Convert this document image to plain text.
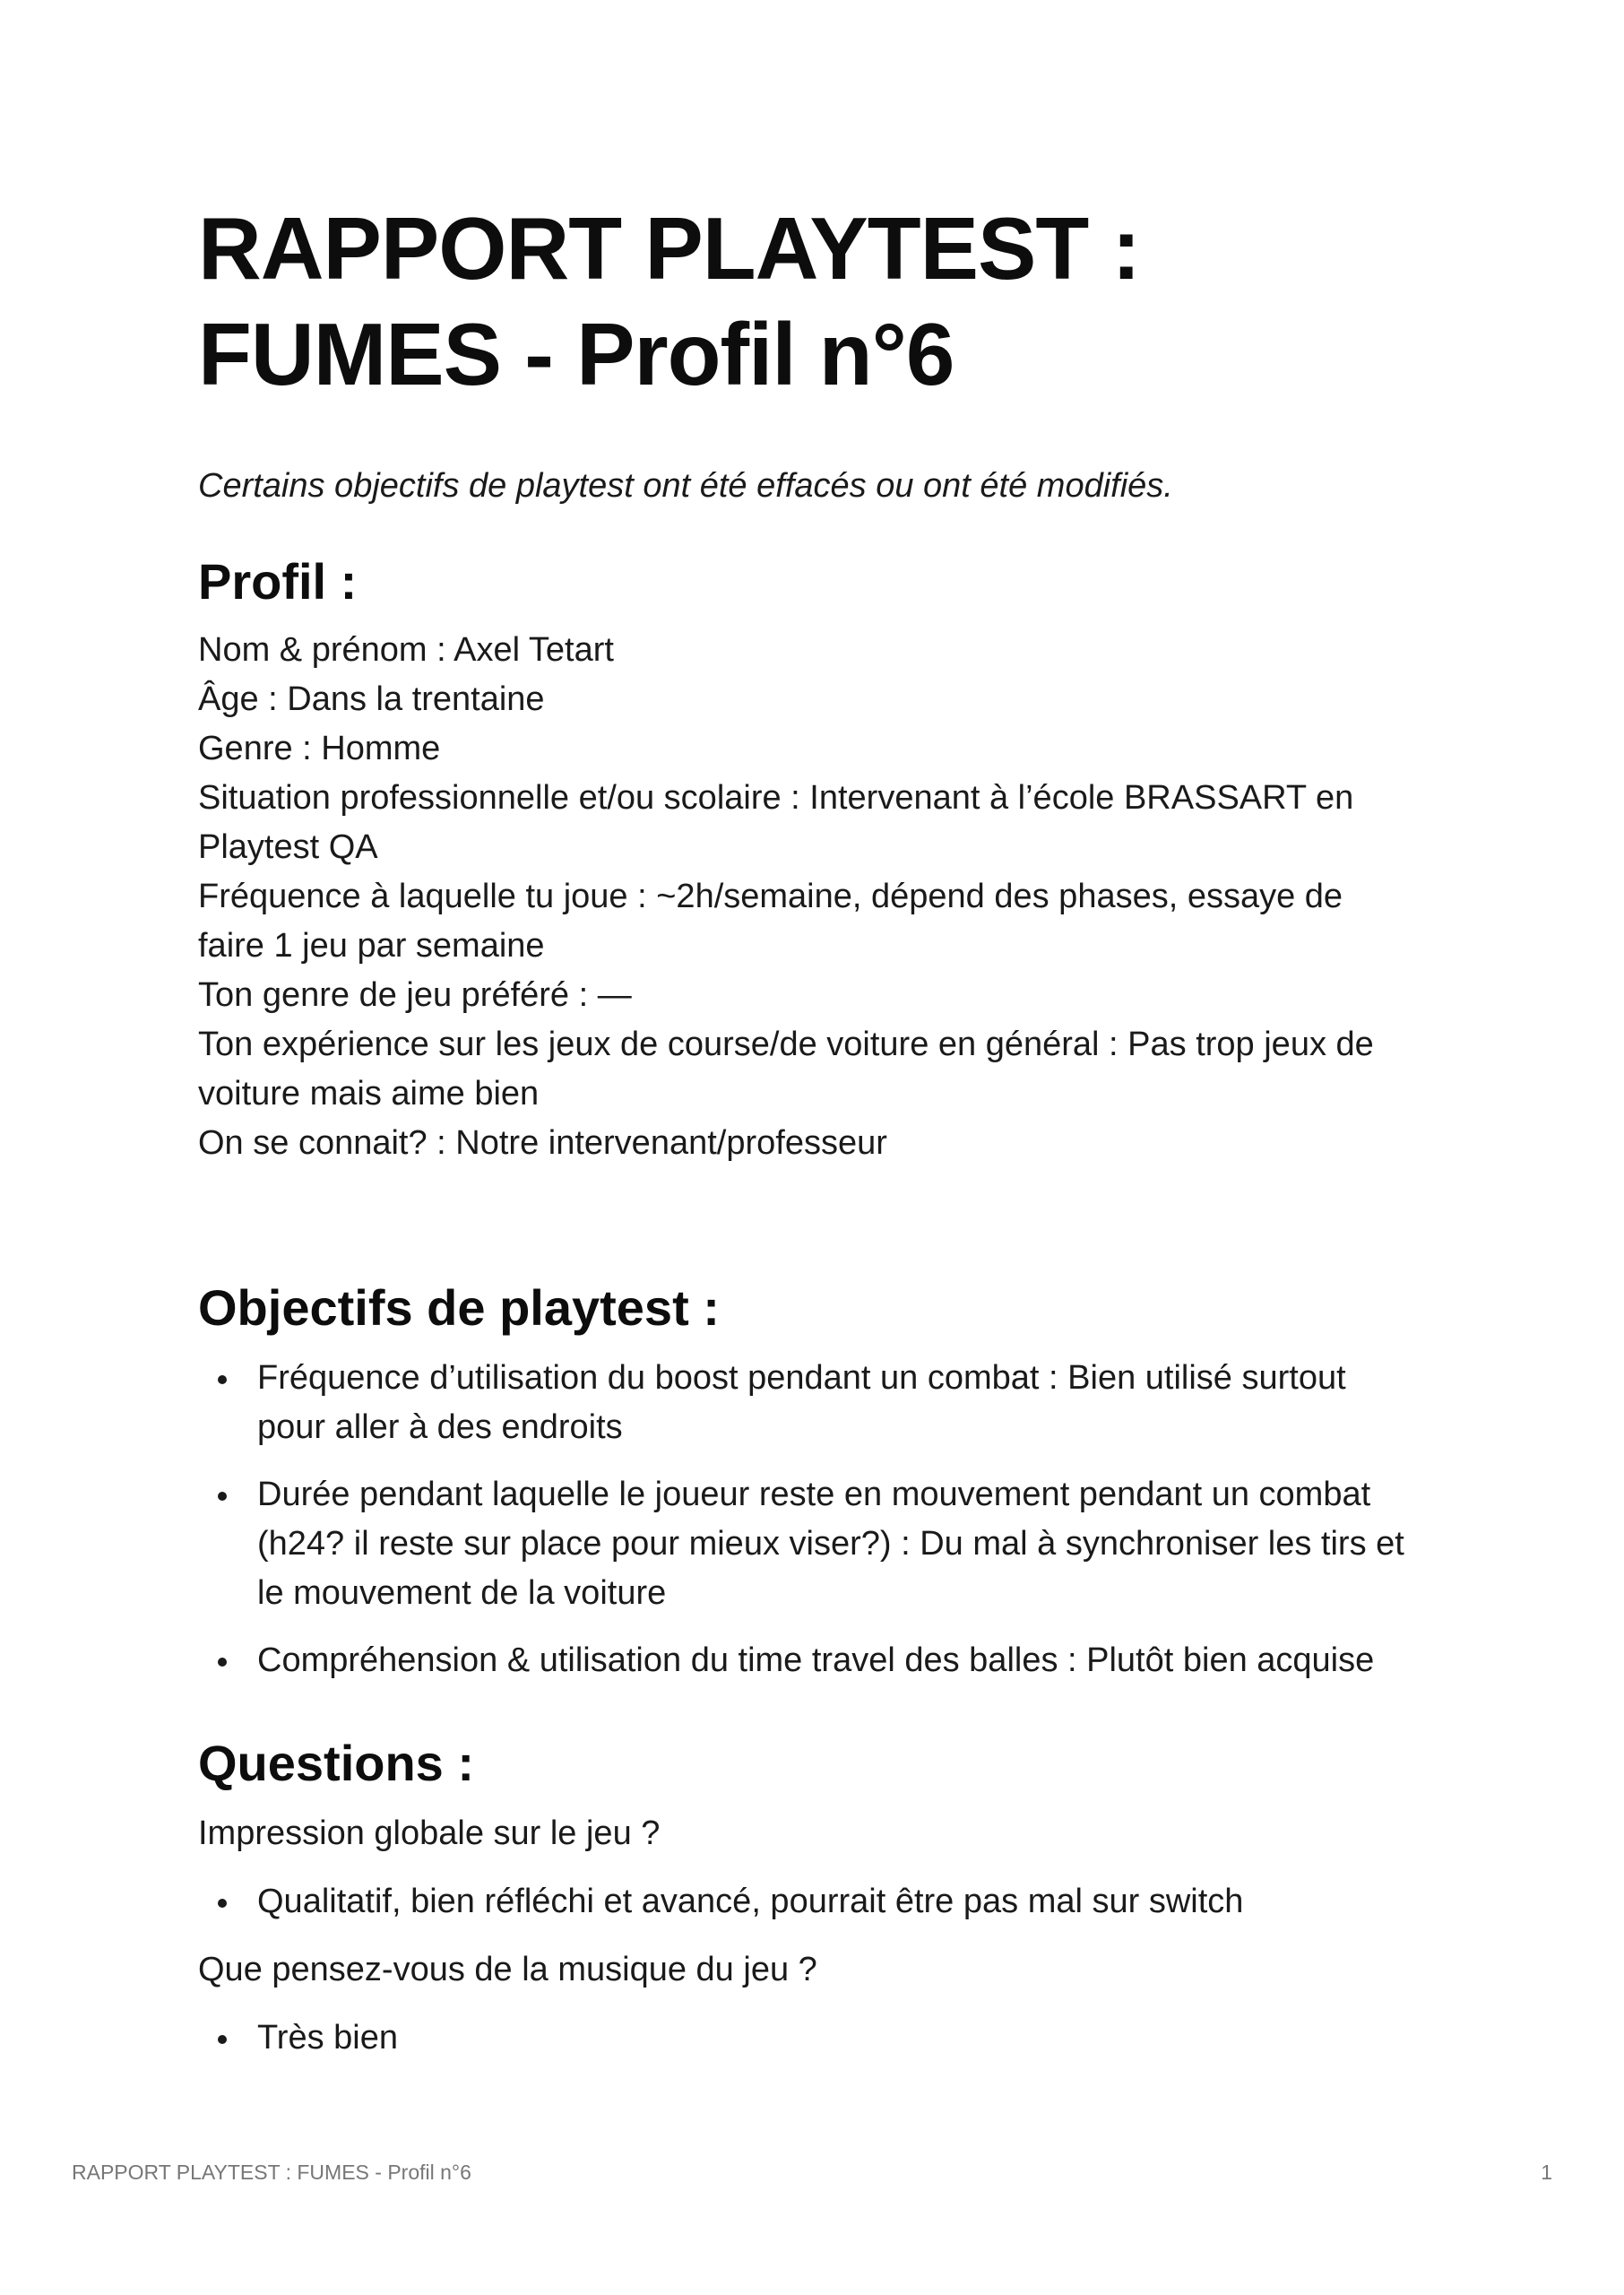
RAPPORT PLAYTEST : FUMES - Profil n°6

Certains objectifs de playtest ont été effacés ou ont été modifiés.

Profil :
Nom & prénom : Axel Tetart
Âge : Dans la trentaine
Genre : Homme
Situation professionnelle et/ou scolaire : Intervenant à l’école BRASSART en
Playtest QA
Fréquence à laquelle tu joue : ~2h/semaine, dépend des phases, essaye de
faire 1 jeu par semaine
Ton genre de jeu préféré : —
Ton expérience sur les jeux de course/de voiture en général : Pas trop jeux de
voiture mais aime bien
On se connait? : Notre intervenant/professeur
Objectifs de playtest :
Fréquence d’utilisation du boost pendant un combat : Bien utilisé surtout
pour aller à des endroits
Durée pendant laquelle le joueur reste en mouvement pendant un combat
(h24? il reste sur place pour mieux viser?) : Du mal à synchroniser les tirs et
le mouvement de la voiture
Compréhension & utilisation du time travel des balles : Plutôt bien acquise
Questions :

Impression globale sur le jeu ?

Qualitatif, bien réfléchi et avancé, pourrait être pas mal sur switch

Que pensez-vous de la musique du jeu ?

Très bien
RAPPORT PLAYTEST : FUMES - Profil n°6	1
